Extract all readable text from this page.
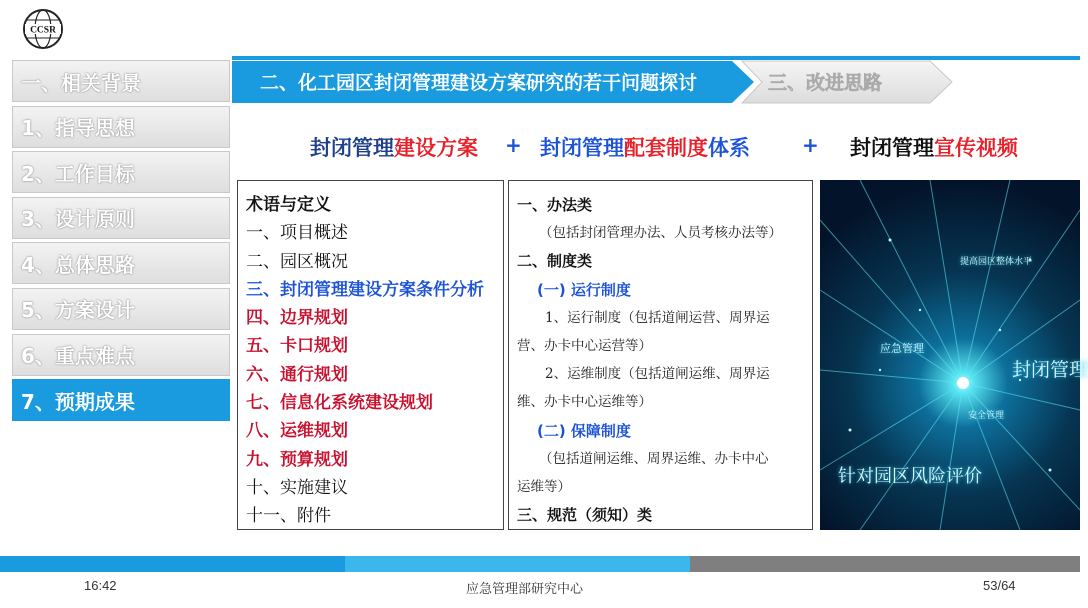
CCSR
一、相关背景
1、指导思想
2、工作目标
3、设计原则
4、总体思路
5、方案设计
6、重点难点
7、预期成果
二、化工园区封闭管理建设方案研究的若干问题探讨	三、改进思路
封闭管理建设方案 + 封闭管理配套制度体系	+ 封闭管理宣传视频
术语与定义
一、项目概述
二、园区概况
三、封闭管理建设方案条件分析
四、边界规划
五、卡口规划
六、通行规划
七、信息化系统建设规划
八、运维规划
九、预算规划
十、实施建议
十一、附件
一、办法类
（包括封闭管理办法、人员考核办法等）
二、制度类
(一) 运行制度
1、运行制度（包括道闸运营、周界运
营、办卡中心运营等）
2、运维制度（包括道闸运维、周界运
维、办卡中心运维等）
(二) 保障制度
（包括道闸运维、周界运维、办卡中心
运维等）
三、规范（须知）类
提高园区整体水平
应急管理
封闭管理
安全管理
针对园区风险评价
16:42	应急管理部研究中心	53/64
